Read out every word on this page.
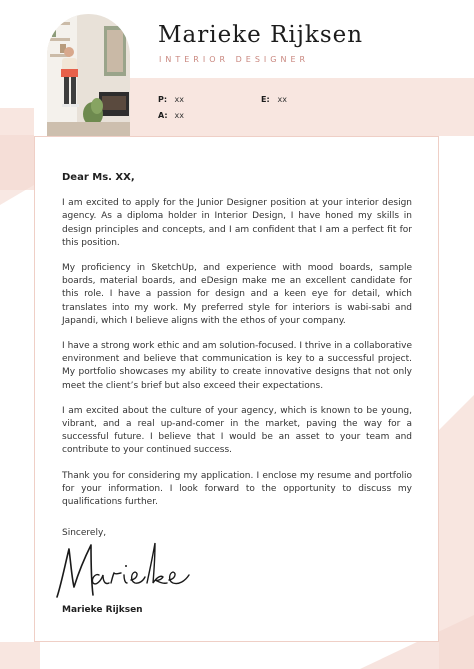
Marieke Rijksen

INTERIOR DESIGNER

P: xx	E: xx
A: xx

Dear Ms. XX,

I am excited to apply for the Junior Designer position at your interior design agency. As a diploma holder in Interior Design, I have honed my skills in design principles and concepts, and I am confident that I am a perfect fit for this position.

My proficiency in SketchUp, and experience with mood boards, sample boards, material boards, and eDesign make me an excellent candidate for this role. I have a passion for design and a keen eye for detail, which translates into my work. My preferred style for interiors is wabi-sabi and Japandi, which I believe aligns with the ethos of your company.

I have a strong work ethic and am solution-focused. I thrive in a collaborative environment and believe that communication is key to a successful project. My portfolio showcases my ability to create innovative designs that not only meet the client’s brief but also exceed their expectations.

I am excited about the culture of your agency, which is known to be young, vibrant, and a real up-and-comer in the market, paving the way for a successful future. I believe that I would be an asset to your team and contribute to your continued success.

Thank you for considering my application. I enclose my resume and portfolio for your information. I look forward to the opportunity to discuss my qualifications further.

Sincerely,

Marieke Rijksen
